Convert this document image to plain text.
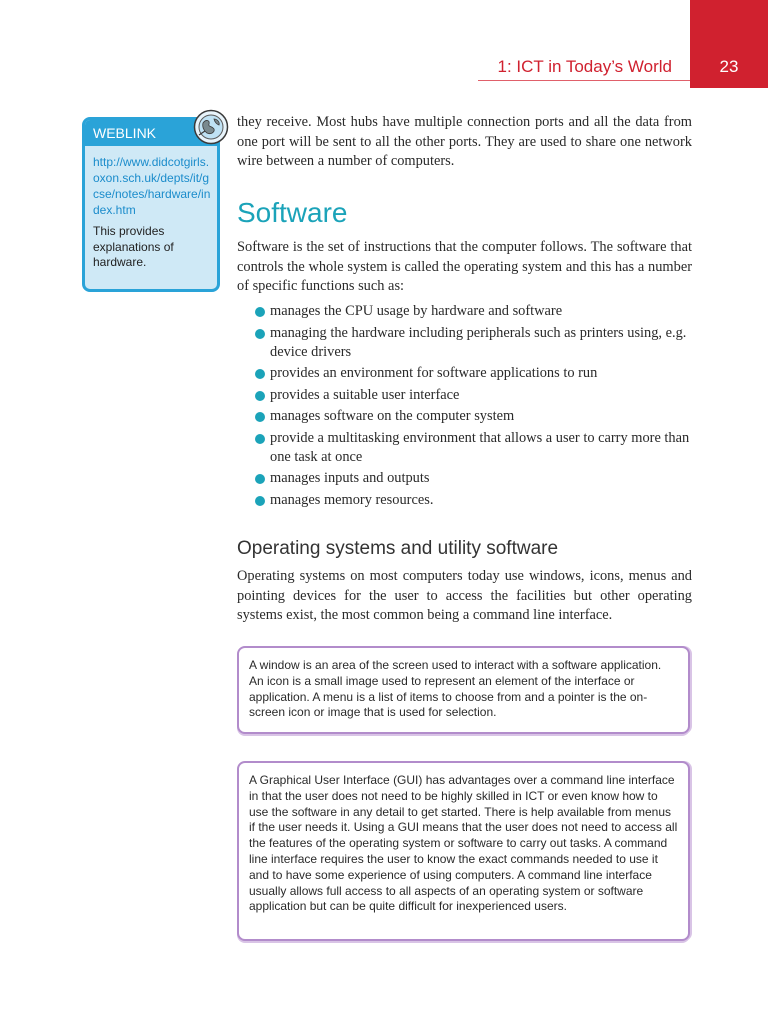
1: ICT in Today’s World	23
WEBLINK
http://www.didcotgirls.oxon.sch.uk/depts/it/gcse/notes/hardware/index.htm
This provides explanations of hardware.

they receive. Most hubs have multiple connection ports and all the data from one port will be sent to all the other ports. They are used to share one network wire between a number of computers.

Software

Software is the set of instructions that the computer follows. The software that controls the whole system is called the operating system and this has a number of specific functions such as:

manages the CPU usage by hardware and software
managing the hardware including peripherals such as printers using, e.g. device drivers
provides an environment for software applications to run
provides a suitable user interface
manages software on the computer system
provide a multitasking environment that allows a user to carry more than one task at once
manages inputs and outputs
manages memory resources.
Operating systems and utility software

Operating systems on most computers today use windows, icons, menus and pointing devices for the user to access the facilities but other operating systems exist, the most common being a command line interface.

A window is an area of the screen used to interact with a software application. An icon is a small image used to represent an element of the interface or application. A menu is a list of items to choose from and a pointer is the on-screen icon or image that is used for selection.
A Graphical User Interface (GUI) has advantages over a command line interface in that the user does not need to be highly skilled in ICT or even know how to use the software in any detail to get started. There is help available from menus if the user needs it. Using a GUI means that the user does not need to access all the features of the operating system or software to carry out tasks. A command line interface requires the user to know the exact commands needed to use it and to have some experience of using computers. A command line interface usually allows full access to all aspects of an operating system or software application but can be quite difficult for inexperienced users.
